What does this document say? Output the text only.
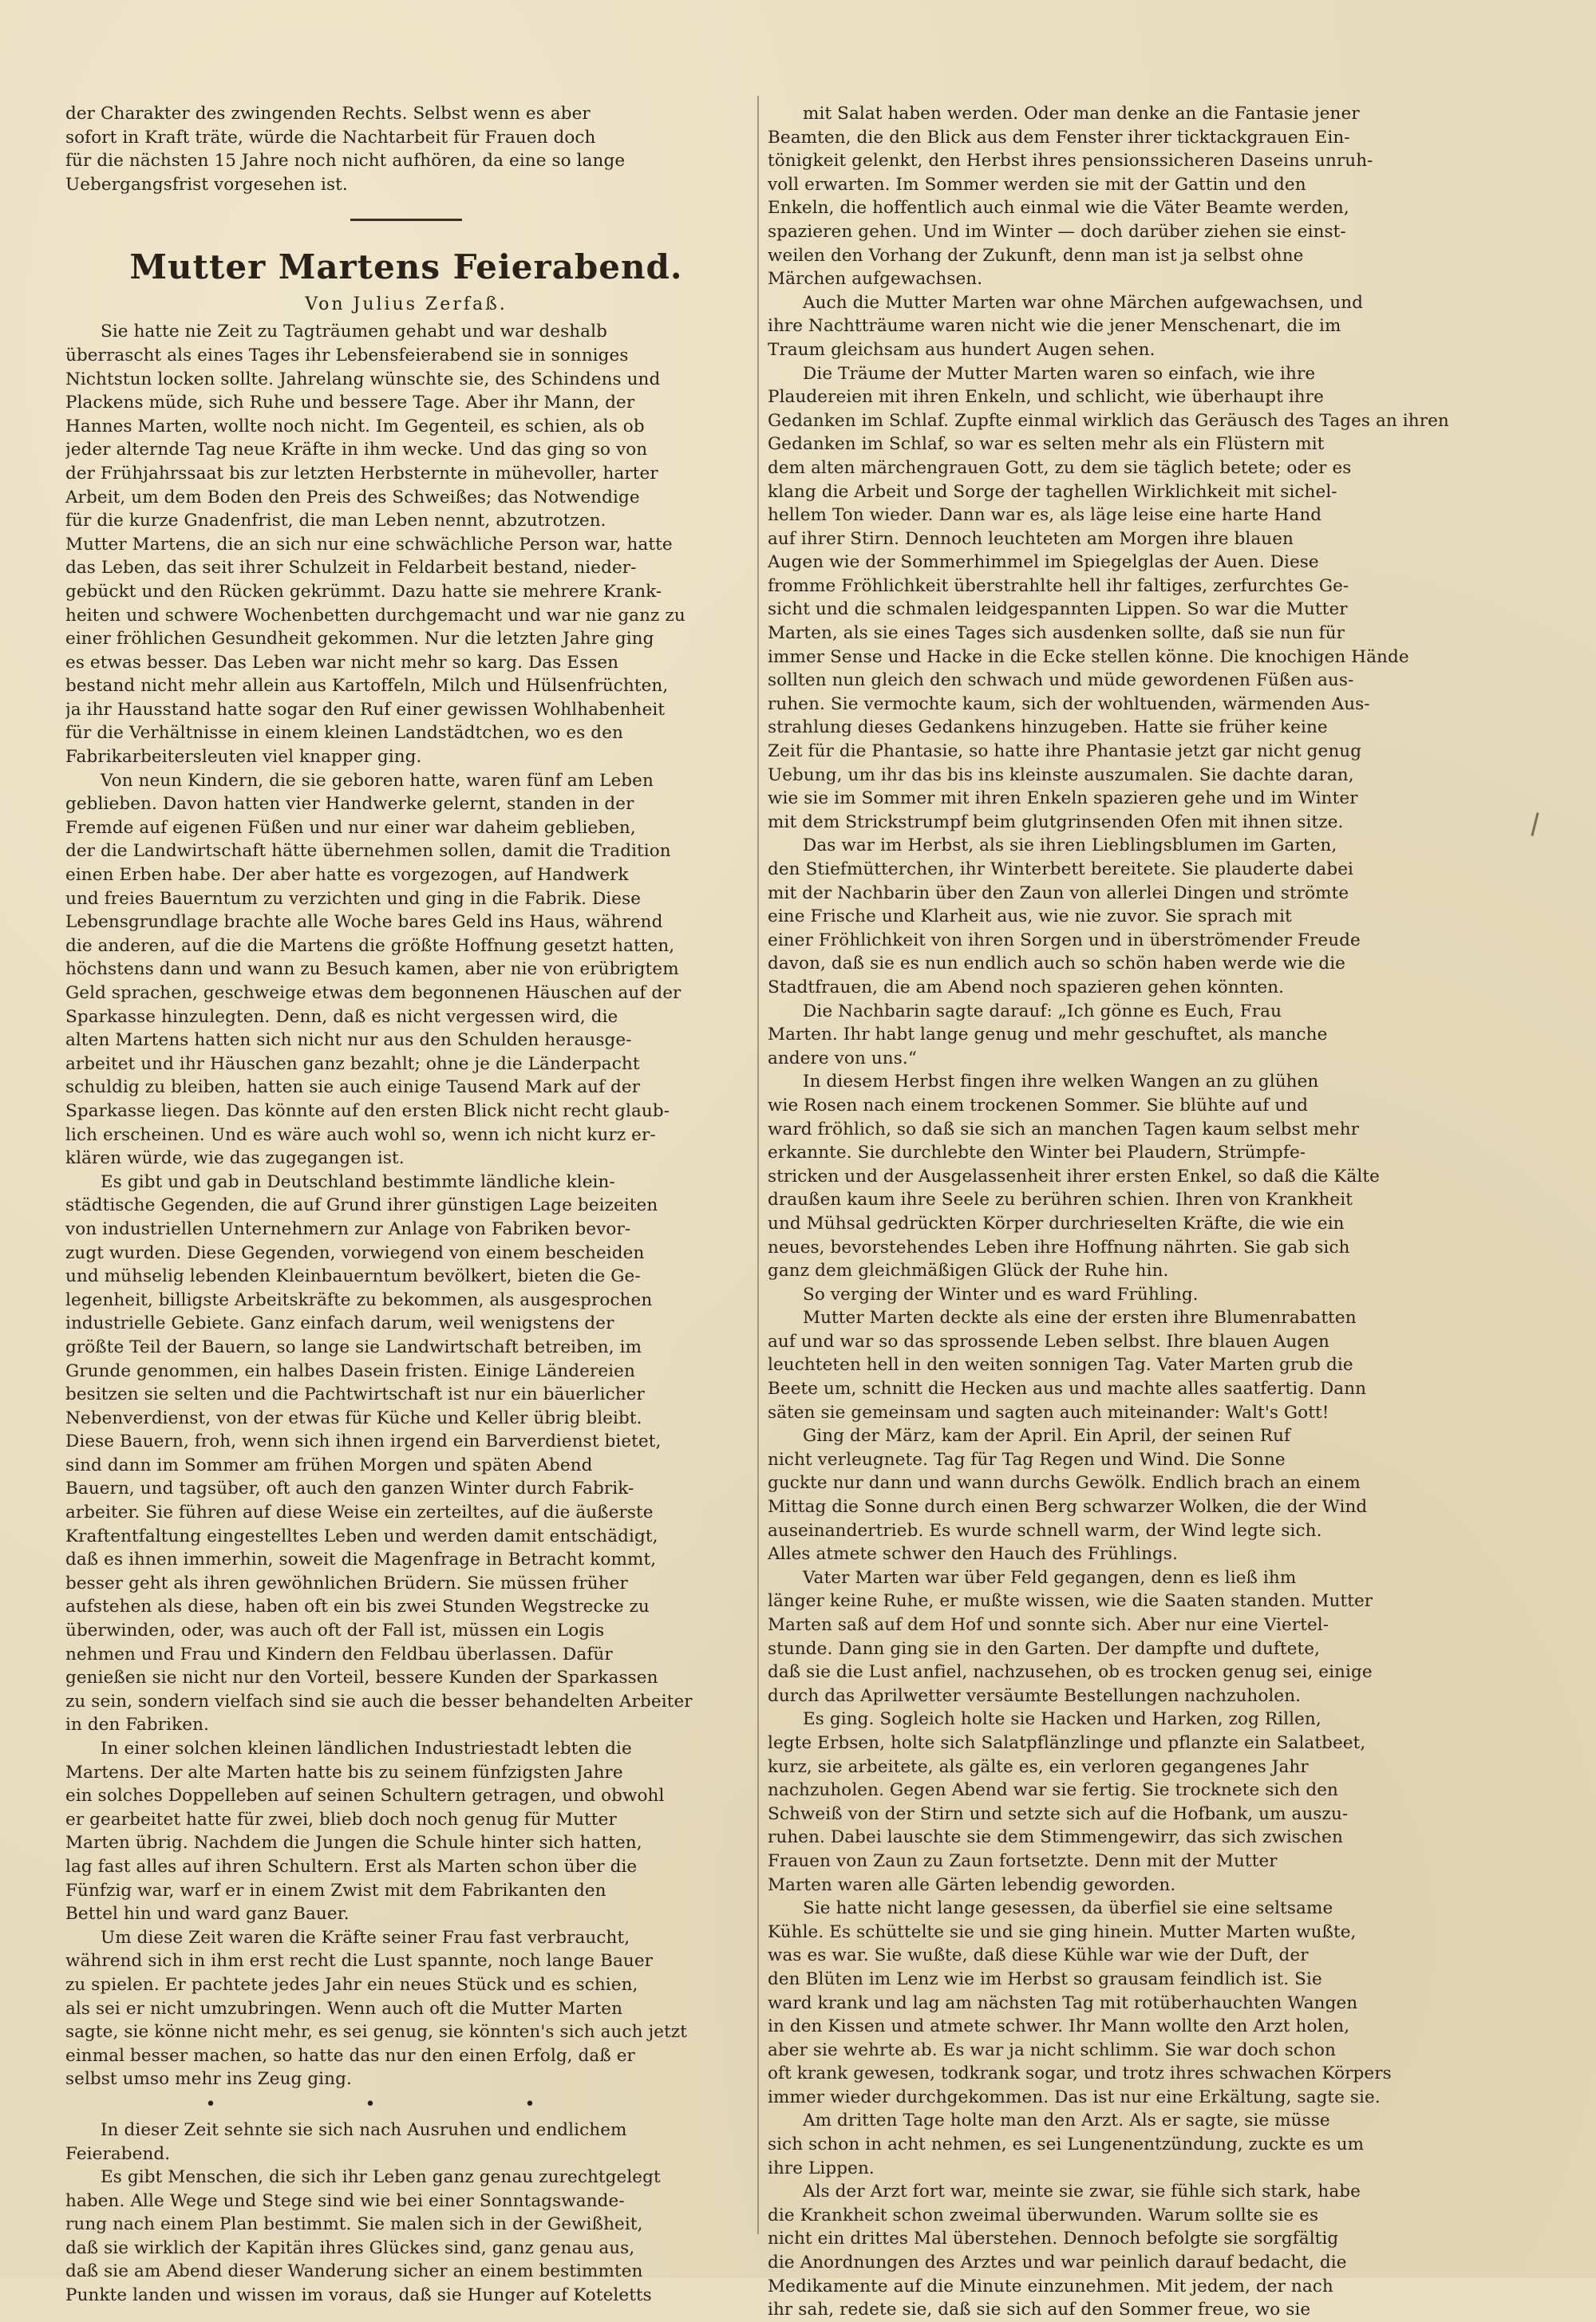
der Charakter des zwingenden Rechts. Selbst wenn es aber
sofort in Kraft träte, würde die Nachtarbeit für Frauen doch
für die nächsten 15 Jahre noch nicht aufhören, da eine so lange
Uebergangsfrist vorgesehen ist.
Mutter Martens Feierabend.
Von Julius Zerfaß.
Sie hatte nie Zeit zu Tagträumen gehabt und war deshalb
überrascht als eines Tages ihr Lebensfeierabend sie in sonniges
Nichtstun locken sollte. Jahrelang wünschte sie, des Schindens und
Plackens müde, sich Ruhe und bessere Tage. Aber ihr Mann, der
Hannes Marten, wollte noch nicht. Im Gegenteil, es schien, als ob
jeder alternde Tag neue Kräfte in ihm wecke. Und das ging so von
der Frühjahrssaat bis zur letzten Herbsternte in mühevoller, harter
Arbeit, um dem Boden den Preis des Schweißes; das Notwendige
für die kurze Gnadenfrist, die man Leben nennt, abzutrotzen.
Mutter Martens, die an sich nur eine schwächliche Person war, hatte
das Leben, das seit ihrer Schulzeit in Feldarbeit bestand, nieder-
gebückt und den Rücken gekrümmt. Dazu hatte sie mehrere Krank-
heiten und schwere Wochenbetten durchgemacht und war nie ganz zu
einer fröhlichen Gesundheit gekommen. Nur die letzten Jahre ging
es etwas besser. Das Leben war nicht mehr so karg. Das Essen
bestand nicht mehr allein aus Kartoffeln, Milch und Hülsenfrüchten,
ja ihr Hausstand hatte sogar den Ruf einer gewissen Wohlhabenheit
für die Verhältnisse in einem kleinen Landstädtchen, wo es den
Fabrikarbeitersleuten viel knapper ging.
Von neun Kindern, die sie geboren hatte, waren fünf am Leben
geblieben. Davon hatten vier Handwerke gelernt, standen in der
Fremde auf eigenen Füßen und nur einer war daheim geblieben,
der die Landwirtschaft hätte übernehmen sollen, damit die Tradition
einen Erben habe. Der aber hatte es vorgezogen, auf Handwerk
und freies Bauerntum zu verzichten und ging in die Fabrik. Diese
Lebensgrundlage brachte alle Woche bares Geld ins Haus, während
die anderen, auf die die Martens die größte Hoffnung gesetzt hatten,
höchstens dann und wann zu Besuch kamen, aber nie von erübrigtem
Geld sprachen, geschweige etwas dem begonnenen Häuschen auf der
Sparkasse hinzulegten. Denn, daß es nicht vergessen wird, die
alten Martens hatten sich nicht nur aus den Schulden herausge-
arbeitet und ihr Häuschen ganz bezahlt; ohne je die Länderpacht
schuldig zu bleiben, hatten sie auch einige Tausend Mark auf der
Sparkasse liegen. Das könnte auf den ersten Blick nicht recht glaub-
lich erscheinen. Und es wäre auch wohl so, wenn ich nicht kurz er-
klären würde, wie das zugegangen ist.
Es gibt und gab in Deutschland bestimmte ländliche klein-
städtische Gegenden, die auf Grund ihrer günstigen Lage beizeiten
von industriellen Unternehmern zur Anlage von Fabriken bevor-
zugt wurden. Diese Gegenden, vorwiegend von einem bescheiden
und mühselig lebenden Kleinbauerntum bevölkert, bieten die Ge-
legenheit, billigste Arbeitskräfte zu bekommen, als ausgesprochen
industrielle Gebiete. Ganz einfach darum, weil wenigstens der
größte Teil der Bauern, so lange sie Landwirtschaft betreiben, im
Grunde genommen, ein halbes Dasein fristen. Einige Ländereien
besitzen sie selten und die Pachtwirtschaft ist nur ein bäuerlicher
Nebenverdienst, von der etwas für Küche und Keller übrig bleibt.
Diese Bauern, froh, wenn sich ihnen irgend ein Barverdienst bietet,
sind dann im Sommer am frühen Morgen und späten Abend
Bauern, und tagsüber, oft auch den ganzen Winter durch Fabrik-
arbeiter. Sie führen auf diese Weise ein zerteiltes, auf die äußerste
Kraftentfaltung eingestelltes Leben und werden damit entschädigt,
daß es ihnen immerhin, soweit die Magenfrage in Betracht kommt,
besser geht als ihren gewöhnlichen Brüdern. Sie müssen früher
aufstehen als diese, haben oft ein bis zwei Stunden Wegstrecke zu
überwinden, oder, was auch oft der Fall ist, müssen ein Logis
nehmen und Frau und Kindern den Feldbau überlassen. Dafür
genießen sie nicht nur den Vorteil, bessere Kunden der Sparkassen
zu sein, sondern vielfach sind sie auch die besser behandelten Arbeiter
in den Fabriken.
In einer solchen kleinen ländlichen Industriestadt lebten die
Martens. Der alte Marten hatte bis zu seinem fünfzigsten Jahre
ein solches Doppelleben auf seinen Schultern getragen, und obwohl
er gearbeitet hatte für zwei, blieb doch noch genug für Mutter
Marten übrig. Nachdem die Jungen die Schule hinter sich hatten,
lag fast alles auf ihren Schultern. Erst als Marten schon über die
Fünfzig war, warf er in einem Zwist mit dem Fabrikanten den
Bettel hin und ward ganz Bauer.
Um diese Zeit waren die Kräfte seiner Frau fast verbraucht,
während sich in ihm erst recht die Lust spannte, noch lange Bauer
zu spielen. Er pachtete jedes Jahr ein neues Stück und es schien,
als sei er nicht umzubringen. Wenn auch oft die Mutter Marten
sagte, sie könne nicht mehr, es sei genug, sie könnten's sich auch jetzt
einmal besser machen, so hatte das nur den einen Erfolg, daß er
selbst umso mehr ins Zeug ging.
• • •
In dieser Zeit sehnte sie sich nach Ausruhen und endlichem
Feierabend.
Es gibt Menschen, die sich ihr Leben ganz genau zurechtgelegt
haben. Alle Wege und Stege sind wie bei einer Sonntagswande-
rung nach einem Plan bestimmt. Sie malen sich in der Gewißheit,
daß sie wirklich der Kapitän ihres Glückes sind, ganz genau aus,
daß sie am Abend dieser Wanderung sicher an einem bestimmten
Punkte landen und wissen im voraus, daß sie Hunger auf Koteletts
mit Salat haben werden. Oder man denke an die Fantasie jener
Beamten, die den Blick aus dem Fenster ihrer ticktackgrauen Ein-
tönigkeit gelenkt, den Herbst ihres pensionssicheren Daseins unruh-
voll erwarten. Im Sommer werden sie mit der Gattin und den
Enkeln, die hoffentlich auch einmal wie die Väter Beamte werden,
spazieren gehen. Und im Winter — doch darüber ziehen sie einst-
weilen den Vorhang der Zukunft, denn man ist ja selbst ohne
Märchen aufgewachsen.
Auch die Mutter Marten war ohne Märchen aufgewachsen, und
ihre Nachtträume waren nicht wie die jener Menschenart, die im
Traum gleichsam aus hundert Augen sehen.
Die Träume der Mutter Marten waren so einfach, wie ihre
Plaudereien mit ihren Enkeln, und schlicht, wie überhaupt ihre
Gedanken im Schlaf. Zupfte einmal wirklich das Geräusch des Tages an ihren
Gedanken im Schlaf, so war es selten mehr als ein Flüstern mit
dem alten märchengrauen Gott, zu dem sie täglich betete; oder es
klang die Arbeit und Sorge der taghellen Wirklichkeit mit sichel-
hellem Ton wieder. Dann war es, als läge leise eine harte Hand
auf ihrer Stirn. Dennoch leuchteten am Morgen ihre blauen
Augen wie der Sommerhimmel im Spiegelglas der Auen. Diese
fromme Fröhlichkeit überstrahlte hell ihr faltiges, zerfurchtes Ge-
sicht und die schmalen leidgespannten Lippen. So war die Mutter
Marten, als sie eines Tages sich ausdenken sollte, daß sie nun für
immer Sense und Hacke in die Ecke stellen könne. Die knochigen Hände
sollten nun gleich den schwach und müde gewordenen Füßen aus-
ruhen. Sie vermochte kaum, sich der wohltuenden, wärmenden Aus-
strahlung dieses Gedankens hinzugeben. Hatte sie früher keine
Zeit für die Phantasie, so hatte ihre Phantasie jetzt gar nicht genug
Uebung, um ihr das bis ins kleinste auszumalen. Sie dachte daran,
wie sie im Sommer mit ihren Enkeln spazieren gehe und im Winter
mit dem Strickstrumpf beim glutgrinsenden Ofen mit ihnen sitze.
Das war im Herbst, als sie ihren Lieblingsblumen im Garten,
den Stiefmütterchen, ihr Winterbett bereitete. Sie plauderte dabei
mit der Nachbarin über den Zaun von allerlei Dingen und strömte
eine Frische und Klarheit aus, wie nie zuvor. Sie sprach mit
einer Fröhlichkeit von ihren Sorgen und in überströmender Freude
davon, daß sie es nun endlich auch so schön haben werde wie die
Stadtfrauen, die am Abend noch spazieren gehen könnten.
Die Nachbarin sagte darauf: „Ich gönne es Euch, Frau
Marten. Ihr habt lange genug und mehr geschuftet, als manche
andere von uns.“
In diesem Herbst fingen ihre welken Wangen an zu glühen
wie Rosen nach einem trockenen Sommer. Sie blühte auf und
ward fröhlich, so daß sie sich an manchen Tagen kaum selbst mehr
erkannte. Sie durchlebte den Winter bei Plaudern, Strümpfe-
stricken und der Ausgelassenheit ihrer ersten Enkel, so daß die Kälte
draußen kaum ihre Seele zu berühren schien. Ihren von Krankheit
und Mühsal gedrückten Körper durchrieselten Kräfte, die wie ein
neues, bevorstehendes Leben ihre Hoffnung nährten. Sie gab sich
ganz dem gleichmäßigen Glück der Ruhe hin.
So verging der Winter und es ward Frühling.
Mutter Marten deckte als eine der ersten ihre Blumenrabatten
auf und war so das sprossende Leben selbst. Ihre blauen Augen
leuchteten hell in den weiten sonnigen Tag. Vater Marten grub die
Beete um, schnitt die Hecken aus und machte alles saatfertig. Dann
säten sie gemeinsam und sagten auch miteinander: Walt's Gott!
Ging der März, kam der April. Ein April, der seinen Ruf
nicht verleugnete. Tag für Tag Regen und Wind. Die Sonne
guckte nur dann und wann durchs Gewölk. Endlich brach an einem
Mittag die Sonne durch einen Berg schwarzer Wolken, die der Wind
auseinandertrieb. Es wurde schnell warm, der Wind legte sich.
Alles atmete schwer den Hauch des Frühlings.
Vater Marten war über Feld gegangen, denn es ließ ihm
länger keine Ruhe, er mußte wissen, wie die Saaten standen. Mutter
Marten saß auf dem Hof und sonnte sich. Aber nur eine Viertel-
stunde. Dann ging sie in den Garten. Der dampfte und duftete,
daß sie die Lust anfiel, nachzusehen, ob es trocken genug sei, einige
durch das Aprilwetter versäumte Bestellungen nachzuholen.
Es ging. Sogleich holte sie Hacken und Harken, zog Rillen,
legte Erbsen, holte sich Salatpflänzlinge und pflanzte ein Salatbeet,
kurz, sie arbeitete, als gälte es, ein verloren gegangenes Jahr
nachzuholen. Gegen Abend war sie fertig. Sie trocknete sich den
Schweiß von der Stirn und setzte sich auf die Hofbank, um auszu-
ruhen. Dabei lauschte sie dem Stimmengewirr, das sich zwischen
Frauen von Zaun zu Zaun fortsetzte. Denn mit der Mutter
Marten waren alle Gärten lebendig geworden.
Sie hatte nicht lange gesessen, da überfiel sie eine seltsame
Kühle. Es schüttelte sie und sie ging hinein. Mutter Marten wußte,
was es war. Sie wußte, daß diese Kühle war wie der Duft, der
den Blüten im Lenz wie im Herbst so grausam feindlich ist. Sie
ward krank und lag am nächsten Tag mit rotüberhauchten Wangen
in den Kissen und atmete schwer. Ihr Mann wollte den Arzt holen,
aber sie wehrte ab. Es war ja nicht schlimm. Sie war doch schon
oft krank gewesen, todkrank sogar, und trotz ihres schwachen Körpers
immer wieder durchgekommen. Das ist nur eine Erkältung, sagte sie.
Am dritten Tage holte man den Arzt. Als er sagte, sie müsse
sich schon in acht nehmen, es sei Lungenentzündung, zuckte es um
ihre Lippen.
Als der Arzt fort war, meinte sie zwar, sie fühle sich stark, habe
die Krankheit schon zweimal überwunden. Warum sollte sie es
nicht ein drittes Mal überstehen. Dennoch befolgte sie sorgfältig
die Anordnungen des Arztes und war peinlich darauf bedacht, die
Medikamente auf die Minute einzunehmen. Mit jedem, der nach
ihr sah, redete sie, daß sie sich auf den Sommer freue, wo sie
